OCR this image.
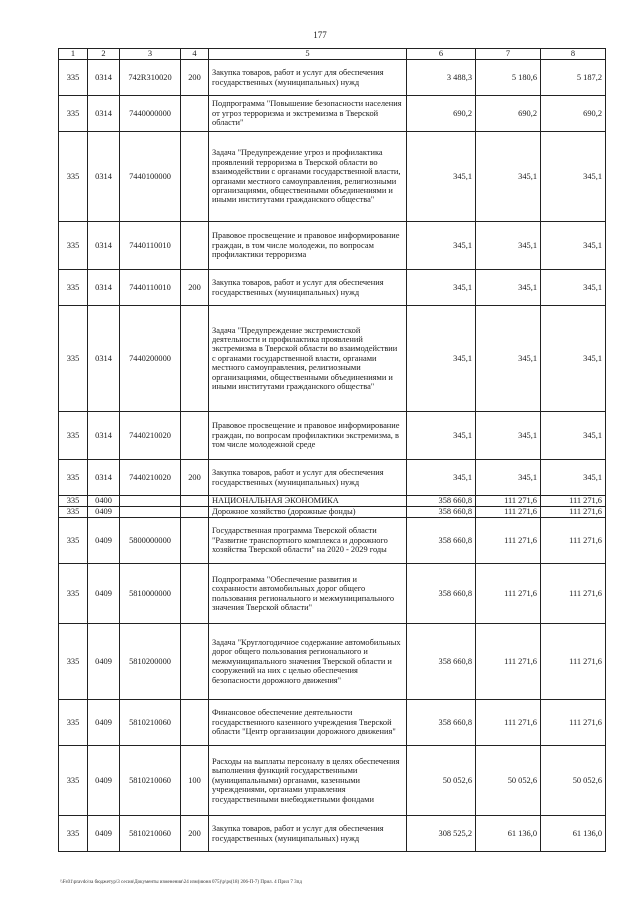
177
1	2	3	4	5	6	7	8
335	0314	742R310020	200	Закупка товаров, работ и услуг для обеспечения государственных (муниципальных) нужд	3 488,3	5 180,6	5 187,2
335	0314	7440000000		Подпрограмма "Повышение безопасности населения от угроз терроризма и экстремизма в Тверской области"	690,2	690,2	690,2
335	0314	7440100000		Задача "Предупреждение угроз и профилактика проявлений терроризма в Тверской области во взаимодействии с органами государственной власти, органами местного самоуправления, религиозными организациями, общественными объединениями и иными институтами гражданского общества"	345,1	345,1	345,1
335	0314	7440110010		Правовое просвещение и правовое информирование граждан, в том числе молодежи, по вопросам профилактики терроризма	345,1	345,1	345,1
335	0314	7440110010	200	Закупка товаров, работ и услуг для обеспечения государственных (муниципальных) нужд	345,1	345,1	345,1
335	0314	7440200000		Задача "Предупреждение экстремистской деятельности и профилактика проявлений экстремизма в Тверской области во взаимодействии с органами государственной власти, органами местного самоуправления, религиозными организациями, общественными объединениями и иными институтами гражданского общества"	345,1	345,1	345,1
335	0314	7440210020		Правовое просвещение и правовое информирование граждан, по вопросам профилактики экстремизма, в том числе молодежной среде	345,1	345,1	345,1
335	0314	7440210020	200	Закупка товаров, работ и услуг для обеспечения государственных (муниципальных) нужд	345,1	345,1	345,1
335	0400			НАЦИОНАЛЬНАЯ ЭКОНОМИКА	358 660,8	111 271,6	111 271,6
335	0409			Дорожное хозяйство (дорожные фонды)	358 660,8	111 271,6	111 271,6
335	0409	5800000000		Государственная программа Тверской области "Развитие транспортного комплекса и дорожного хозяйства Тверской области" на 2020 - 2029 годы	358 660,8	111 271,6	111 271,6
335	0409	5810000000		Подпрограмма "Обеспечение развития и сохранности автомобильных дорог общего пользования регионального и межмуниципального значения Тверской области"	358 660,8	111 271,6	111 271,6
335	0409	5810200000		Задача "Круглогодичное содержание автомобильных дорог общего пользования регионального и межмуниципального значения Тверской области и сооружений на них с целью обеспечения безопасности дорожного движения"	358 660,8	111 271,6	111 271,6
335	0409	5810210060		Финансовое обеспечение деятельности государственного казенного учреждения Тверской области "Центр организации дорожного движения"	358 660,8	111 271,6	111 271,6
335	0409	5810210060	100	Расходы на выплаты персоналу в целях обеспечения выполнения функций государственными (муниципальными) органами, казенными учреждениями, органами управления государственными внебюджетными фондами	50 052,6	50 052,6	50 052,6
335	0409	5810210060	200	Закупка товаров, работ и услуг для обеспечения государственных (муниципальных) нужд	308 525,2	61 136,0	61 136,0
\\Fs01\pravdo\за бюджетур\3 сесия\Документы изменения\24 изм(июня 075)\р\рs(18) 206-П-7) Прил. 4 Прил 7 3пд
